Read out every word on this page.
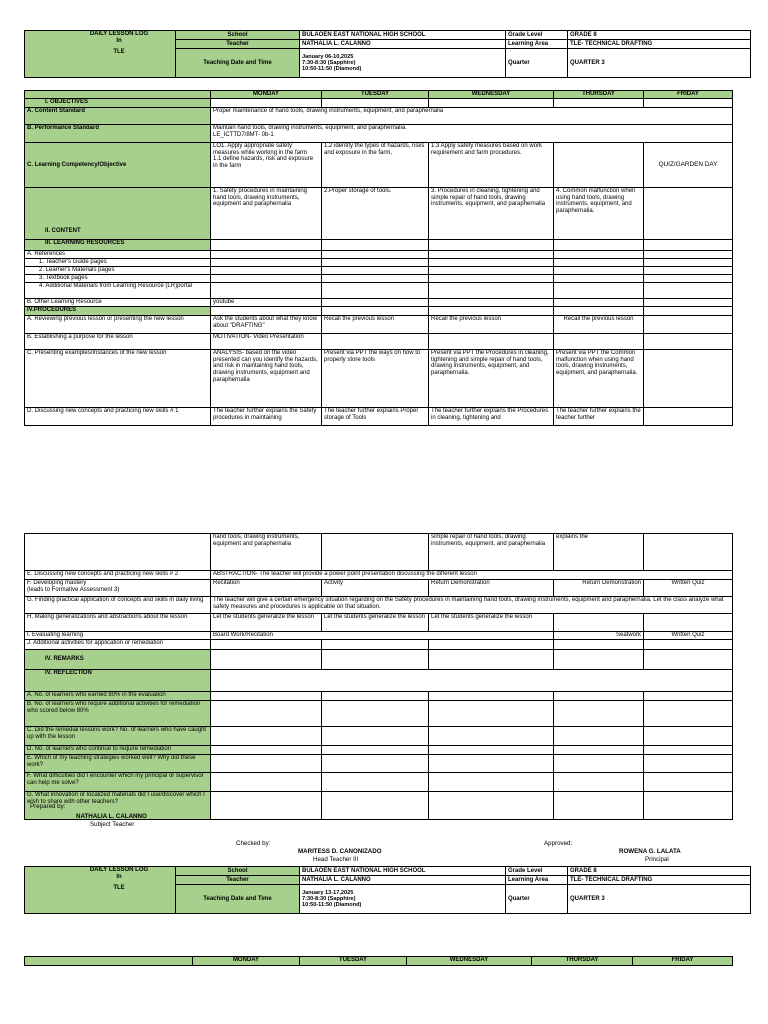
DAILY LESSON LOG
In
TLE	School	BULAOEN EAST NATIONAL HIGH SCHOOL	Grade Level	GRADE 8
	Teacher	NATHALIA L. CALANNO	Learning Area	TLE- TECHNICAL DRAFTING
	Teaching Date and Time	January 06-10,2025
7:30-8:30 (Sapphire)
10:50-11:50 (Diamond)	Quarter	QUARTER 3
	MONDAY	TUESDAY	WEDNESDAY	THURSDAY	FRIDAY
I. OBJECTIVES					
A. Content Standard	Proper maintenance of hand tools, drawing instruments, equipment, and paraphernalia				
B. Performance Standard	Maintain hand tools, drawing instruments, equipment, and paraphernalia.
LE_ICTTD7/8MT- 0b-1				
C. Learning Competency/Objective	LO1. Apply appropriate safety measures while working in the farm
1.1 define hazards, risk and exposure in the farm	1.2 identify the types of hazards, risks and exposure in the farm,	1.3 Apply safety measures based on work requirement and farm procedures.		QUIZ/GARDEN DAY
II. CONTENT	1. Safety procedures in maintaining hand tools, drawing instruments,
equipment and paraphernalia	2.Proper storage of tools.	3. Procedures in cleaning, tightening and simple repair of hand tools, drawing instruments, equipment, and paraphernalia	4. Common malfunction when using hand tools, drawing instruments, equipment, and paraphernalia.	
III. LEARNING RESOURCES					
A. References					
1. Teacher's Guide pages					
2. Learner's Materials pages					
3. Textbook pages					
4. Additional Materials from Learning Resource (LR)portal					
B. Other Learning Resource	youtube				
IV.PROCEDURES					
A. Reviewing previous lesson or presenting the new lesson	Ask the students about what they know about "DRAFTING"	Recall the previous lesson	Recall the previous lesson	Recall the previous lesson	
B. Establishing a purpose for the lesson	MOTIVATION- Video Presentation				
C. Presenting examples/Instances of the new lesson	ANALYSIS- based on the video presented can you identify the hazards, and risk in maintaining hand tools, drawing instruments, equipment and paraphernalia	Present via PPT the ways on how to properly store tools	Present via PPT the Procedures in cleaning, tightening and simple repair of hand tools,
drawing instruments, equipment, and paraphernalia.	Present via PPT the Common malfunction when using hand tools, drawing instruments,
equipment, and paraphernalia.	
D. Discussing new concepts and practicing new skills # 1	The teacher further explains the Safety procedures in maintaining	The teacher further explains Proper storage of Tools	The teacher further explains the Procedures in cleaning, tightening and	The teacher further explains the teacher further	
	hand tools, drawing instruments, equipment and paraphernalia		simple repair of hand tools, drawing instruments, equipment, and paraphernalia	explains the	
E. Discussing new concepts and practicing new skills # 2	ABSTRACTION- The teacher will provide a power point presentation discussing the different lesson				
F. Developing mastery
(leads to Formative Assessment 3)	Recitation	Activity	Return Demonstration	Return Demonstration	Written Quiz
G. Finding practical application of concepts and skills in daily living	The teacher will give a certain emergency situation regarding on the Safety procedures in maintaining hand tools, drawing instruments, equipment and paraphernalia. Let the class analyze what safety measures and procedures is applicable on that situation.				
H. Making generalizations and abstractions about the lesson	Let the students generalize the lesson	Let the students generalize the lesson	Let the students generalize the lesson		
I. Evaluating learning	Board Work/Recitation			Seatwork	Written Quiz
J. Additional activities for application or remediation					
IV. REMARKS					
IV. REFLECTION					
A. No. of learners who earned 80% in the evaluation					
B. No. of learners who require additional activities for remediation who scored below 80%					
C. Did the remedial lessons work? No. of learners who have caught up with the lesson					
D. No. of learners who continue to require remediation					
E. Which of my teaching strategies worked well? Why did these work?					
F. What difficulties did I encounter which my principal or supervisor can help me solve?					
G. What innovation or localized materials did I use/discover which I wish to share with other teachers?					
Prepared by:
NATHALIA L. CALANNO
Subject Teacher
Checked by:
MARITESS D. CANONIZADO
Head Teacher III
Approved:
ROWENA G. LALATA
Principal
DAILY LESSON LOG
In
TLE	School	BULAOEN EAST NATIONAL HIGH SCHOOL	Grade Level	GRADE 8
	Teacher	NATHALIA L. CALANNO	Learning Area	TLE- TECHNICAL DRAFTING
	Teaching Date and Time	January 13-17,2025
7:30-8:30 (Sapphire)
10:50-11:50 (Diamond)	Quarter	QUARTER 3
	MONDAY	TUESDAY	WEDNESDAY	THURSDAY	FRIDAY
